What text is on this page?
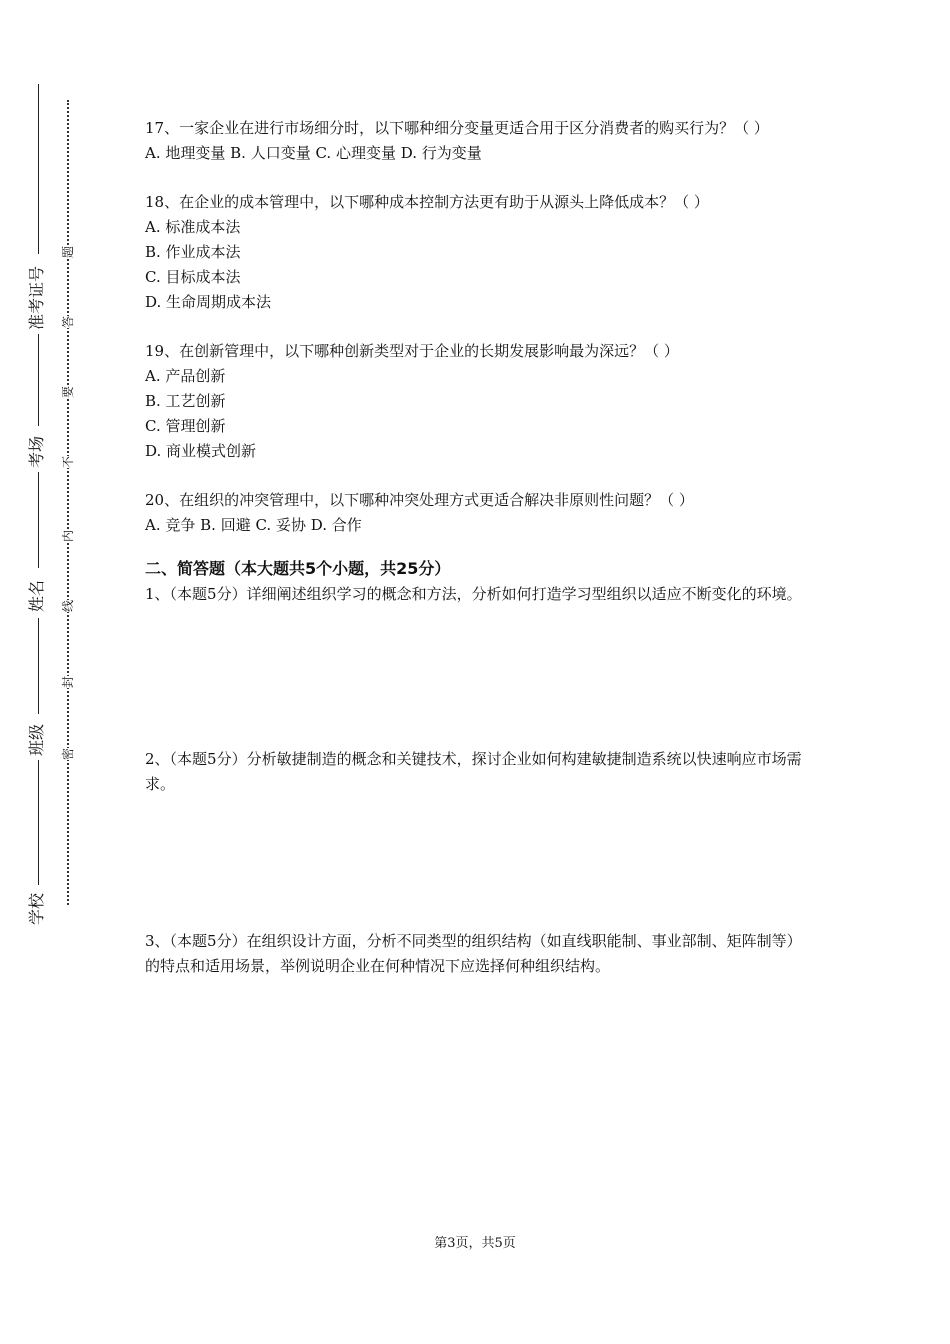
准考证号
考场
姓名
班级
学校
题
答
要
不
内
线
封
密

17、一家企业在进行市场细分时，以下哪种细分变量更适合用于区分消费者的购买行为？（ ）

A. 地理变量 B. 人口变量 C. 心理变量 D. 行为变量

18、在企业的成本管理中，以下哪种成本控制方法更有助于从源头上降低成本？（ ）

A. 标准成本法

B. 作业成本法

C. 目标成本法

D. 生命周期成本法

19、在创新管理中，以下哪种创新类型对于企业的长期发展影响最为深远？（ ）

A. 产品创新

B. 工艺创新

C. 管理创新

D. 商业模式创新

20、在组织的冲突管理中，以下哪种冲突处理方式更适合解决非原则性问题？（ ）

A. 竞争 B. 回避 C. 妥协 D. 合作

二、简答题（本大题共5个小题，共25分）

1、（本题5分）详细阐述组织学习的概念和方法，分析如何打造学习型组织以适应不断变化的环境。

2、（本题5分）分析敏捷制造的概念和关键技术，探讨企业如何构建敏捷制造系统以快速响应市场需求。

3、（本题5分）在组织设计方面，分析不同类型的组织结构（如直线职能制、事业部制、矩阵制等）的特点和适用场景，举例说明企业在何种情况下应选择何种组织结构。

第3页，共5页
